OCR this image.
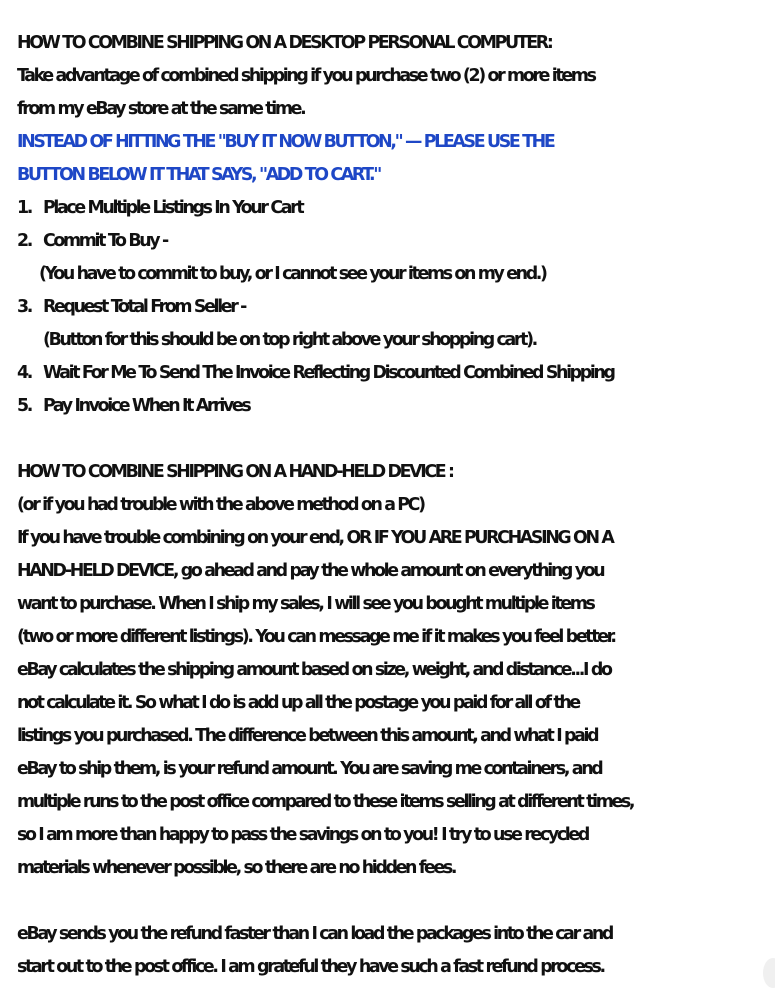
HOW TO COMBINE SHIPPING ON A DESKTOP PERSONAL COMPUTER:
Take advantage of combined shipping if you purchase two (2) or more items
from my eBay store at the same time.
INSTEAD OF HITTING THE "BUY IT NOW BUTTON," — PLEASE USE THE
BUTTON BELOW IT THAT SAYS, "ADD TO CART."
1. Place Multiple Listings In Your Cart
2. Commit To Buy -
(You have to commit to buy, or I cannot see your items on my end.)
3. Request Total From Seller -
(Button for this should be on top right above your shopping cart).
4. Wait For Me To Send The Invoice Reflecting Discounted Combined Shipping
5. Pay Invoice When It Arrives
HOW TO COMBINE SHIPPING ON A HAND-HELD DEVICE :
(or if you had trouble with the above method on a PC)
If you have trouble combining on your end, OR IF YOU ARE PURCHASING ON A
HAND-HELD DEVICE, go ahead and pay the whole amount on everything you
want to purchase. When I ship my sales, I will see you bought multiple items
(two or more different listings). You can message me if it makes you feel better.
eBay calculates the shipping amount based on size, weight, and distance...I do
not calculate it. So what I do is add up all the postage you paid for all of the
listings you purchased. The difference between this amount, and what I paid
eBay to ship them, is your refund amount. You are saving me containers, and
multiple runs to the post office compared to these items selling at different times,
so I am more than happy to pass the savings on to you! I try to use recycled
materials whenever possible, so there are no hidden fees.
eBay sends you the refund faster than I can load the packages into the car and
start out to the post office. I am grateful they have such a fast refund process.
